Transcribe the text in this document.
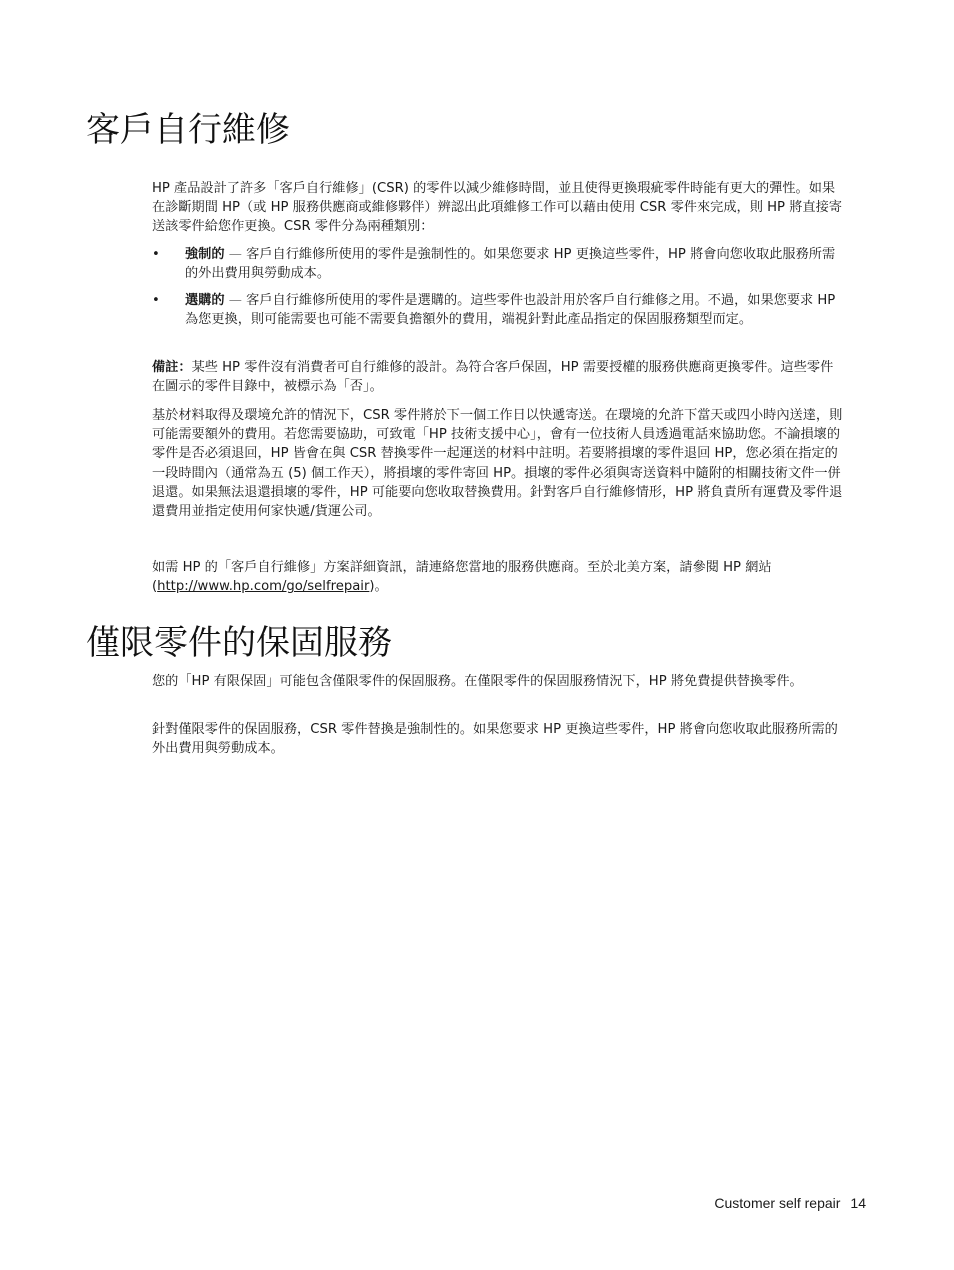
客戶自行維修

HP 產品設計了許多「客戶自行維修」(CSR) 的零件以減少維修時間，並且使得更換瑕疵零件時能有更大的彈性。如果在診斷期間 HP（或 HP 服務供應商或維修夥伴）辨認出此項維修工作可以藉由使用 CSR 零件來完成，則 HP 將直接寄送該零件給您作更換。CSR 零件分為兩種類別：

• 強制的 — 客戶自行維修所使用的零件是強制性的。如果您要求 HP 更換這些零件，HP 將會向您收取此服務所需的外出費用與勞動成本。
• 選購的 — 客戶自行維修所使用的零件是選購的。這些零件也設計用於客戶自行維修之用。不過，如果您要求 HP 為您更換，則可能需要也可能不需要負擔額外的費用，端視針對此產品指定的保固服務類型而定。

備註：某些 HP 零件沒有消費者可自行維修的設計。為符合客戶保固，HP 需要授權的服務供應商更換零件。這些零件在圖示的零件目錄中，被標示為「否」。

基於材料取得及環境允許的情況下，CSR 零件將於下一個工作日以快遞寄送。在環境的允許下當天或四小時內送達，則可能需要額外的費用。若您需要協助，可致電「HP 技術支援中心」，會有一位技術人員透過電話來協助您。不論損壞的零件是否必須退回，HP 皆會在與 CSR 替換零件一起運送的材料中註明。若要將損壞的零件退回 HP，您必須在指定的一段時間內（通常為五 (5) 個工作天），將損壞的零件寄回 HP。損壞的零件必須與寄送資料中隨附的相關技術文件一併退還。如果無法退還損壞的零件，HP 可能要向您收取替換費用。針對客戶自行維修情形，HP 將負責所有運費及零件退還費用並指定使用何家快遞/貨運公司。

如需 HP 的「客戶自行維修」方案詳細資訊，請連絡您當地的服務供應商。至於北美方案，請參閱 HP 網站 (http://www.hp.com/go/selfrepair)。

僅限零件的保固服務

您的「HP 有限保固」可能包含僅限零件的保固服務。在僅限零件的保固服務情況下，HP 將免費提供替換零件。

針對僅限零件的保固服務，CSR 零件替換是強制性的。如果您要求 HP 更換這些零件，HP 將會向您收取此服務所需的外出費用與勞動成本。

Customer self repair 14
